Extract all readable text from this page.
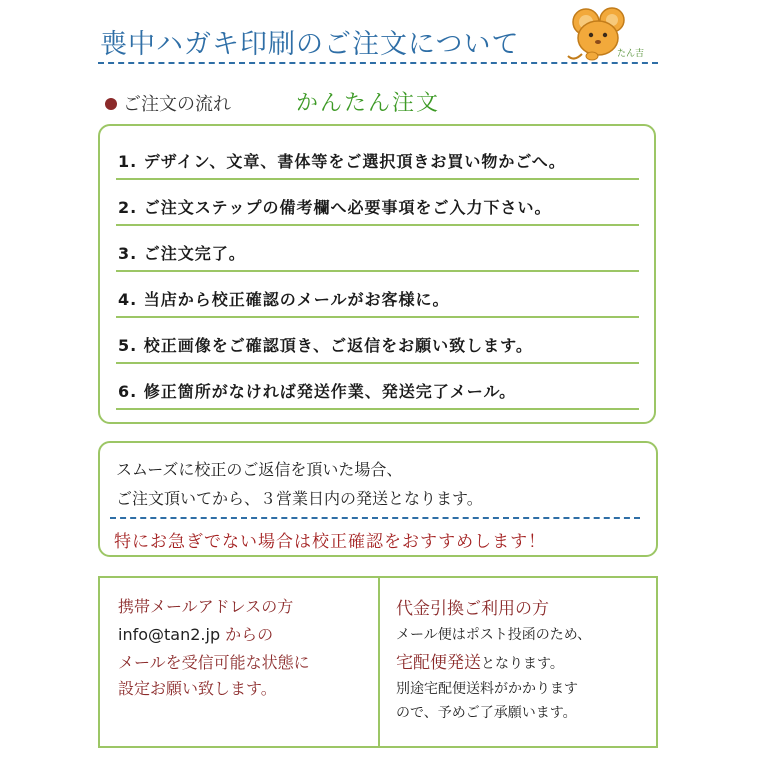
喪中ハガキ印刷のご注文について	たん吉
ご注文の流れ	かんたん注文
1. デザイン、文章、書体等をご選択頂きお買い物かごへ。
2. ご注文ステップの備考欄へ必要事項をご入力下さい。
3. ご注文完了。
4. 当店から校正確認のメールがお客様に。
5. 校正画像をご確認頂き、ご返信をお願い致します。
6. 修正箇所がなければ発送作業、発送完了メール。
スムーズに校正のご返信を頂いた場合、
ご注文頂いてから、３営業日内の発送となります。
特にお急ぎでない場合は校正確認をおすすめします！
携帯メールアドレスの方
info@tan2.jp からの
メールを受信可能な状態に
設定お願い致します。
代金引換ご利用の方
メール便はポスト投函のため、
宅配便発送となります。
別途宅配便送料がかかります
ので、予めご了承願います。
